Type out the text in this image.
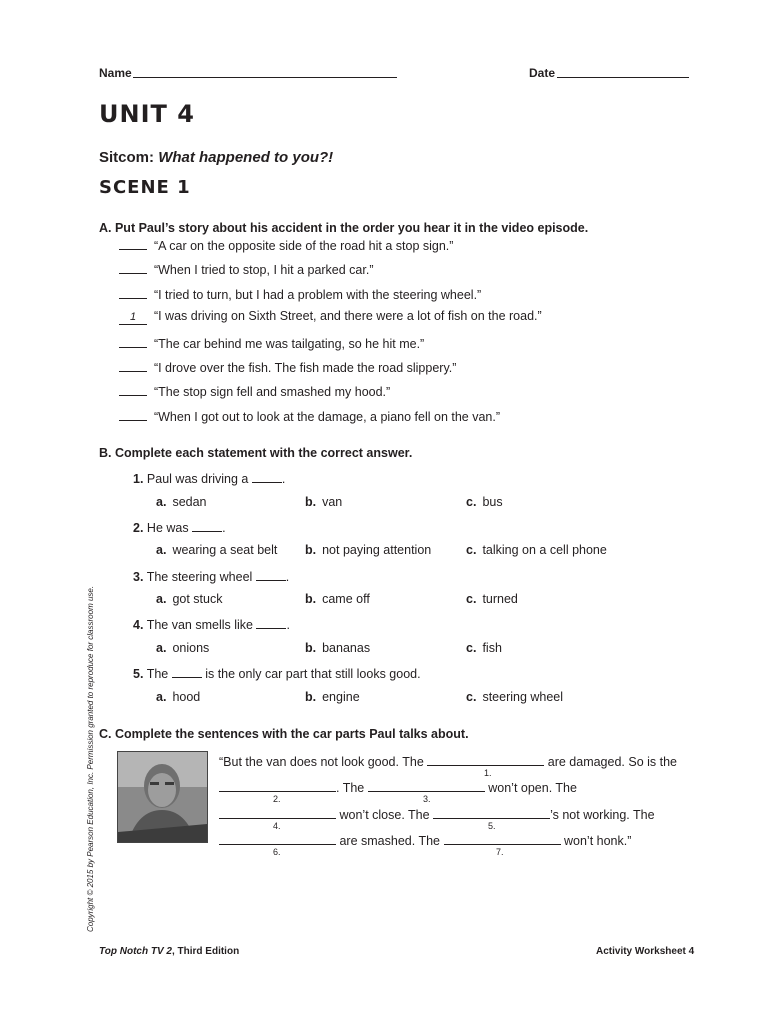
Name	Date
UNIT 4
Sitcom: What happened to you?!
SCENE 1
A. Put Paul’s story about his accident in the order you hear it in the video episode.
“A car on the opposite side of the road hit a stop sign.”
“When I tried to stop, I hit a parked car.”
“I tried to turn, but I had a problem with the steering wheel.”
1 “I was driving on Sixth Street, and there were a lot of fish on the road.”
“The car behind me was tailgating, so he hit me.”
“I drove over the fish. The fish made the road slippery.”
“The stop sign fell and smashed my hood.”
“When I got out to look at the damage, a piano fell on the van.”
B. Complete each statement with the correct answer.
1. Paul was driving a	.
a. sedan	b. van	c. bus
2. He was	.
a. wearing a seat belt b. not paying attention	c. talking on a cell phone
3. The steering wheel	.
a. got stuck	b. came off	c. turned
4. The van smells like	.
a. onions	b. bananas	c. fish
5. The	is the only car part that still looks good.
a. hood	b. engine	c. steering wheel
C. Complete the sentences with the car parts Paul talks about.
“But the van does not look good. The	are damaged. So is the
. The	won’t open. The
won’t close. The	’s not working. The
are smashed. The	won’t honk.”
1.
2.	3.
4.	5.
6.	7.
Copyright © 2015 by Pearson Education, Inc. Permission granted to reproduce for classroom use.
Top Notch TV 2, Third Edition	Activity Worksheet 4
